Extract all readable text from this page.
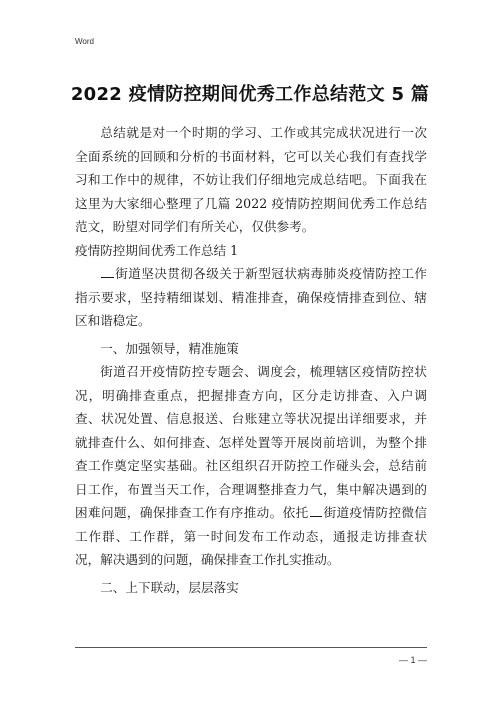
Word
2022 疫情防控期间优秀工作总结范文 5 篇

总结就是对一个时期的学习、工作或其完成状况进行一次全面系统的回顾和分析的书面材料，它可以关心我们有查找学习和工作中的规律，不妨让我们仔细地完成总结吧。下面我在这里为大家细心整理了几篇 2022 疫情防控期间优秀工作总结范文，盼望对同学们有所关心，仅供参考。

疫情防控期间优秀工作总结 1

街道坚决贯彻各级关于新型冠状病毒肺炎疫情防控工作指示要求，坚持精细谋划、精准排查，确保疫情排查到位、辖区和谐稳定。

一、加强领导，精准施策

街道召开疫情防控专题会、调度会，梳理辖区疫情防控状况，明确排查重点，把握排查方向，区分走访排查、入户调查、状况处置、信息报送、台账建立等状况提出详细要求，并就排查什么、如何排查、怎样处置等开展岗前培训，为整个排查工作奠定坚实基础。社区组织召开防控工作碰头会，总结前日工作，布置当天工作，合理调整排查力气，集中解决遇到的困难问题，确保排查工作有序推动。依托 街道疫情防控微信工作群、工作群，第一时间发布工作动态，通报走访排查状况，解决遇到的问题，确保排查工作扎实推动。

二、上下联动，层层落实

— 1 —
